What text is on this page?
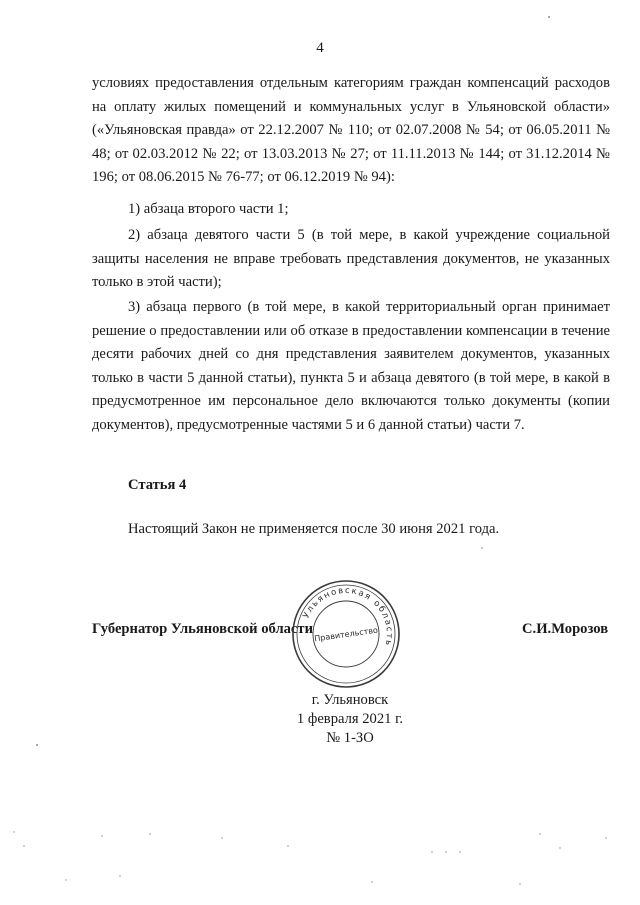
4

условиях предоставления отдельным категориям граждан компенсаций расходов на оплату жилых помещений и коммунальных услуг в Ульяновской области» («Ульяновская правда» от 22.12.2007 № 110; от 02.07.2008 № 54; от 06.05.2011 № 48; от 02.03.2012 № 22; от 13.03.2013 № 27; от 11.11.2013 № 144; от 31.12.2014 № 196; от 08.06.2015 № 76-77; от 06.12.2019 № 94):

1) абзаца второго части 1;

2) абзаца девятого части 5 (в той мере, в какой учреждение социальной защиты населения не вправе требовать представления документов, не указанных только в этой части);

3) абзаца первого (в той мере, в какой территориальный орган принимает решение о предоставлении или об отказе в предоставлении компенсации в течение десяти рабочих дней со дня представления заявителем документов, указанных только в части 5 данной статьи), пункта 5 и абзаца девятого (в той мере, в какой в предусмотренное им персональное дело включаются только документы (копии документов), предусмотренные частями 5 и 6 данной статьи) части 7.

Статья 4

Настоящий Закон не применяется после 30 июня 2021 года.

Губернатор Ульяновской области	С.И.Морозов
Ульяновская область
Правительство
г. Ульяновск
1 февраля 2021 г.
№ 1-ЗО
